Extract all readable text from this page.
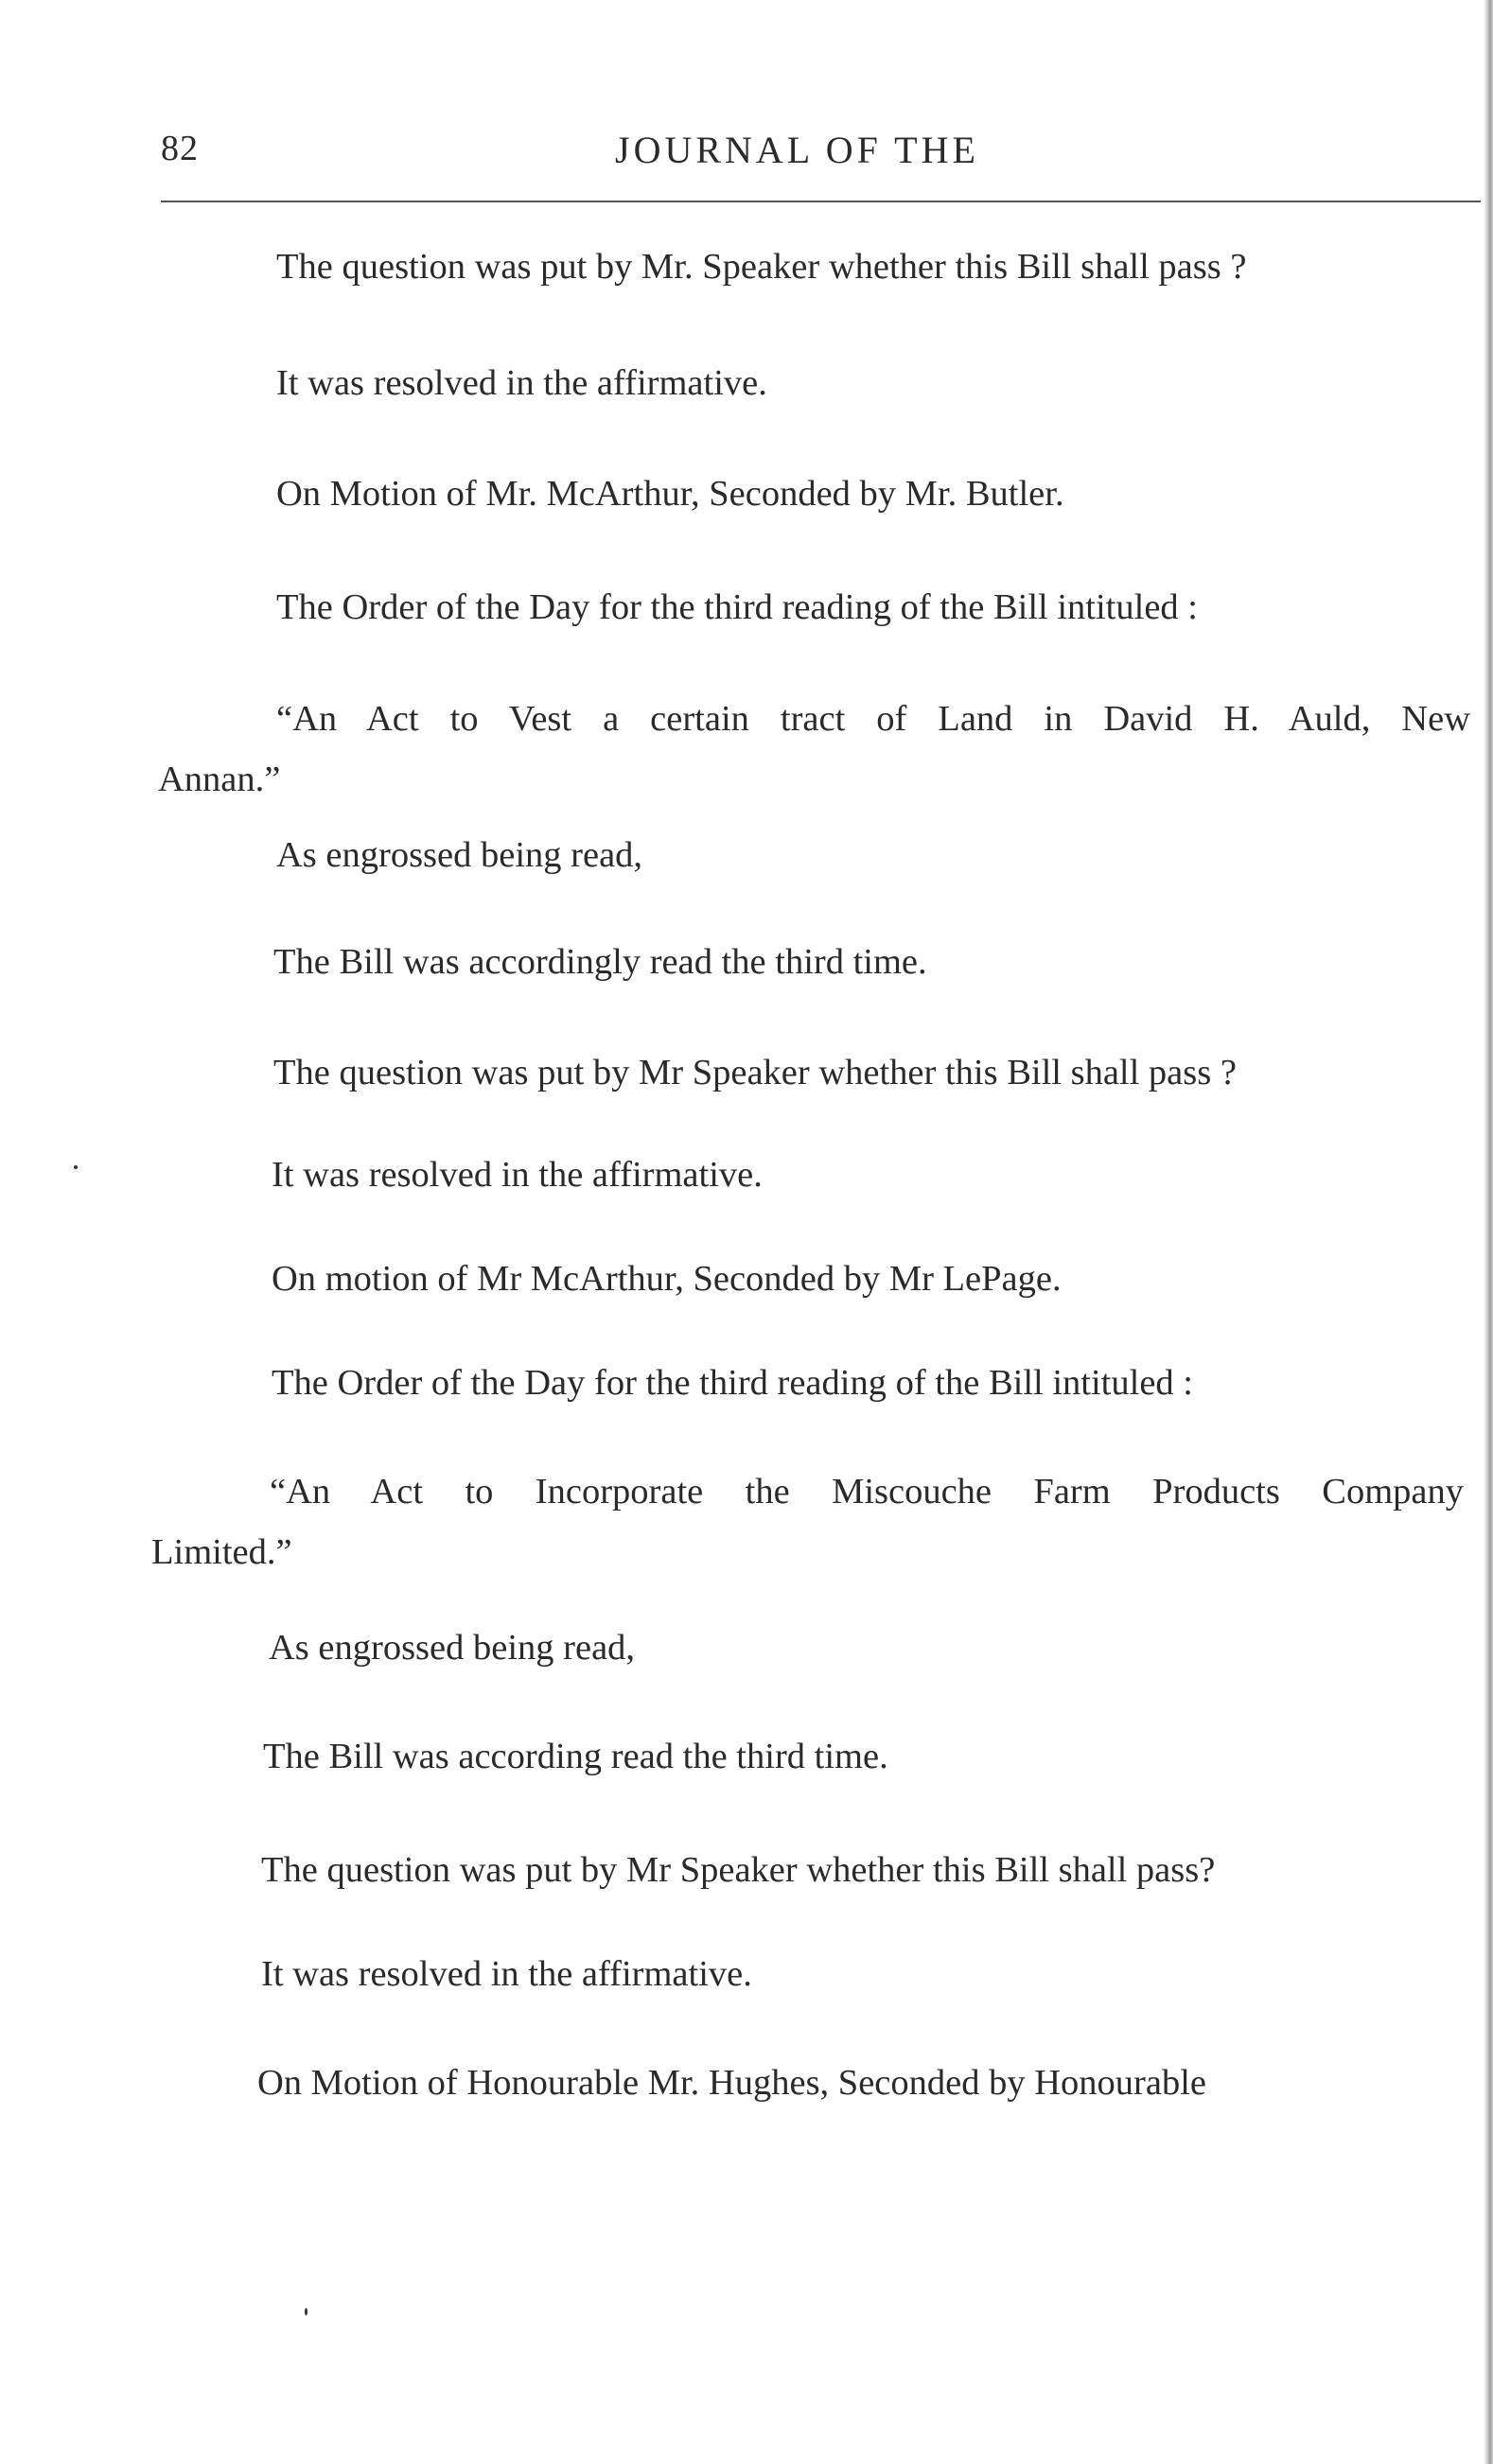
82	JOURNAL OF THE
The question was put by Mr. Speaker whether this Bill shall pass ?
It was resolved in the affirmative.
On Motion of Mr. McArthur, Seconded by Mr. Butler.
The Order of the Day for the third reading of the Bill intituled :
“An Act to Vest a certain tract of Land in David H. Auld, New
Annan.”
As engrossed being read,
The Bill was accordingly read the third time.
The question was put by Mr Speaker whether this Bill shall pass ?
It was resolved in the affirmative.
On motion of Mr McArthur, Seconded by Mr LePage.
The Order of the Day for the third reading of the Bill intituled :
“An Act to Incorporate the Miscouche Farm Products Company
Limited.”
As engrossed being read,
The Bill was according read the third time.
The question was put by Mr Speaker whether this Bill shall pass?
It was resolved in the affirmative.
On Motion of Honourable Mr. Hughes, Seconded by Honourable
